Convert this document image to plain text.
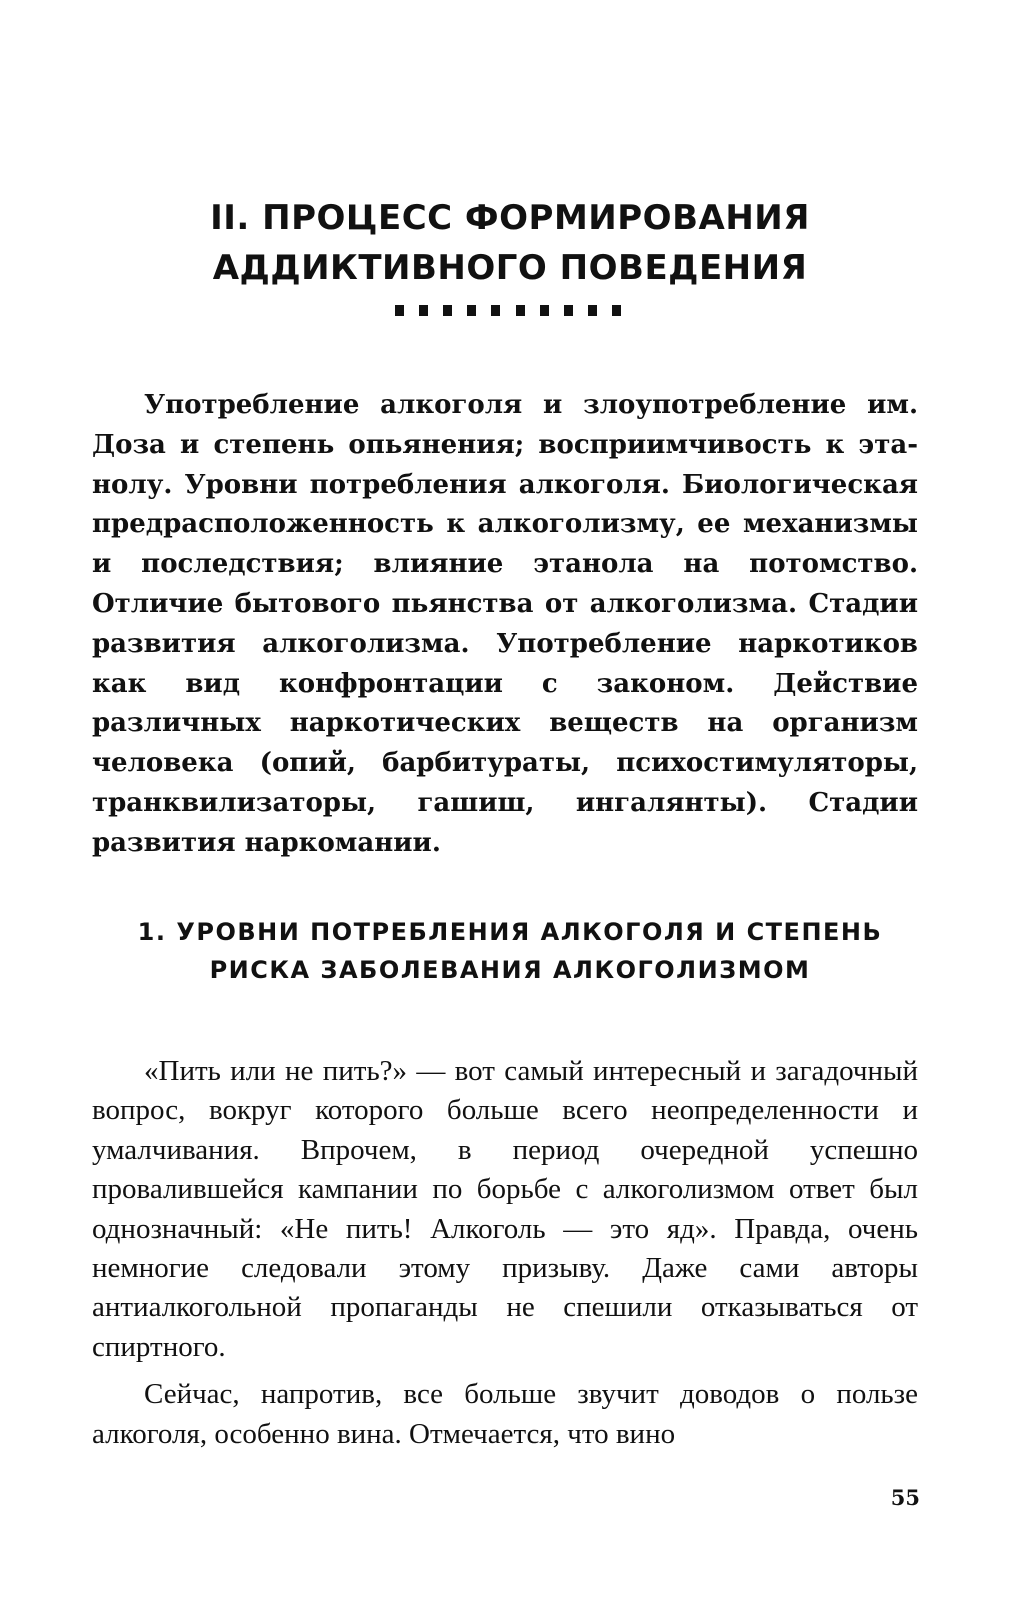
II. ПРОЦЕСС ФОРМИРОВАНИЯ АДДИКТИВНОГО ПОВЕДЕНИЯ

Употребление алкоголя и злоупотребление им. Доза и степень опьянения; восприимчивость к этанолу. Уровни потребления алкоголя. Биологическая предрасположенность к алкоголизму, ее механизмы и последствия; влияние этанола на потомство. Отличие бытового пьянства от алкоголизма. Стадии развития алкоголизма. Употребление наркотиков как вид конфронтации с законом. Действие различных наркотических веществ на организм человека (опий, барбитураты, психостимуляторы, транквилизаторы, гашиш, ингалянты). Стадии развития наркомании.

1. УРОВНИ ПОТРЕБЛЕНИЯ АЛКОГОЛЯ И СТЕПЕНЬ РИСКА ЗАБОЛЕВАНИЯ АЛКОГОЛИЗМОМ

«Пить или не пить?» — вот самый интересный и загадочный вопрос, вокруг которого больше всего неопределенности и умалчивания. Впрочем, в период очередной успешно провалившейся кампании по борьбе с алкоголизмом ответ был однозначный: «Не пить! Алкоголь — это яд». Правда, очень немногие следовали этому призыву. Даже сами авторы антиалкогольной пропаганды не спешили отказываться от спиртного.

Сейчас, напротив, все больше звучит доводов о пользе алкоголя, особенно вина. Отмечается, что вино

55
